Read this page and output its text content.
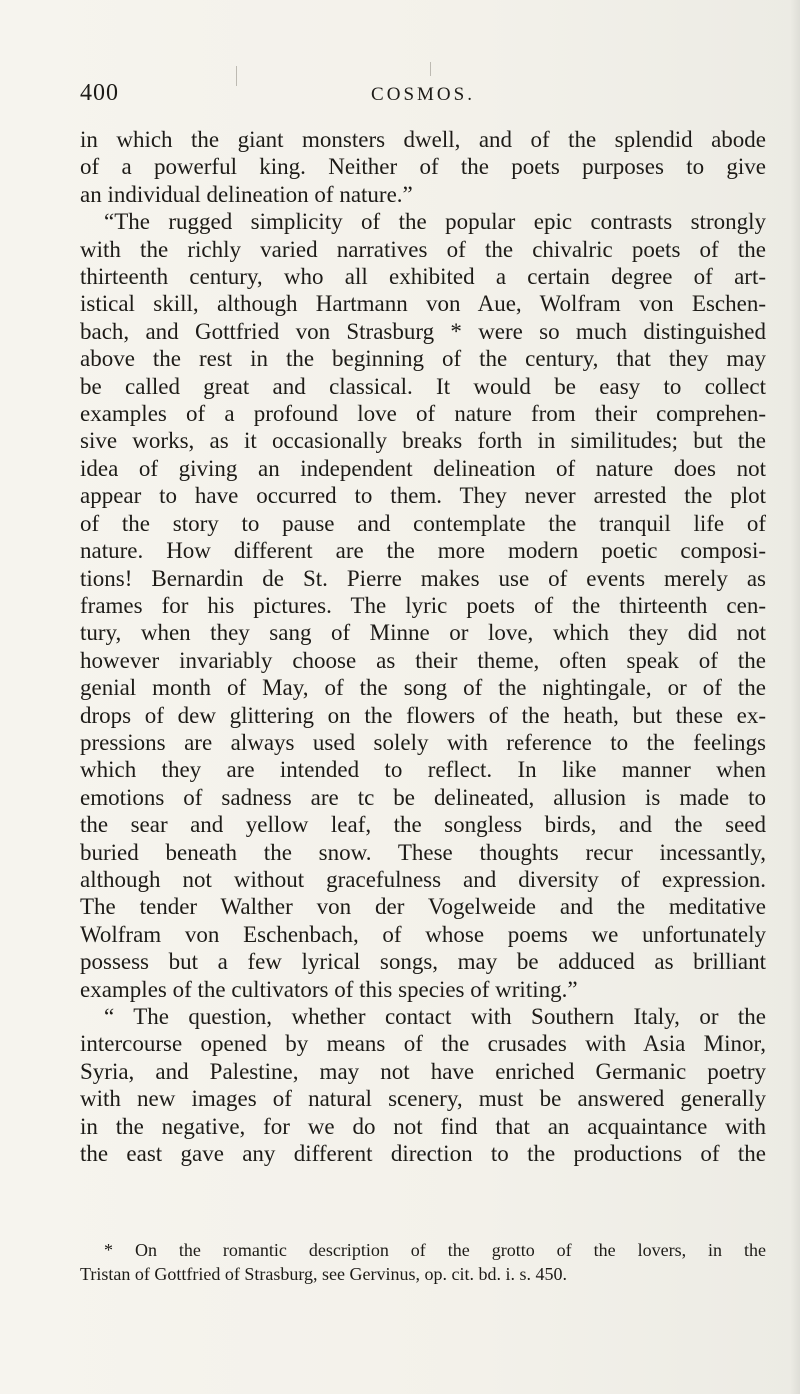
400	COSMOS.
in which the giant monsters dwell, and of the splendid abode
of a powerful king. Neither of the poets purposes to give
an individual delineation of nature.”
“The rugged simplicity of the popular epic contrasts strongly
with the richly varied narratives of the chivalric poets of the
thirteenth century, who all exhibited a certain degree of art-
istical skill, although Hartmann von Aue, Wolfram von Eschen-
bach, and Gottfried von Strasburg * were so much distinguished
above the rest in the beginning of the century, that they may
be called great and classical. It would be easy to collect
examples of a profound love of nature from their comprehen-
sive works, as it occasionally breaks forth in similitudes; but the
idea of giving an independent delineation of nature does not
appear to have occurred to them. They never arrested the plot
of the story to pause and contemplate the tranquil life of
nature. How different are the more modern poetic composi-
tions! Bernardin de St. Pierre makes use of events merely as
frames for his pictures. The lyric poets of the thirteenth cen-
tury, when they sang of Minne or love, which they did not
however invariably choose as their theme, often speak of the
genial month of May, of the song of the nightingale, or of the
drops of dew glittering on the flowers of the heath, but these ex-
pressions are always used solely with reference to the feelings
which they are intended to reflect. In like manner when
emotions of sadness are tc be delineated, allusion is made to
the sear and yellow leaf, the songless birds, and the seed
buried beneath the snow. These thoughts recur incessantly,
although not without gracefulness and diversity of expression.
The tender Walther von der Vogelweide and the meditative
Wolfram von Eschenbach, of whose poems we unfortunately
possess but a few lyrical songs, may be adduced as brilliant
examples of the cultivators of this species of writing.”
“ The question, whether contact with Southern Italy, or the
intercourse opened by means of the crusades with Asia Minor,
Syria, and Palestine, may not have enriched Germanic poetry
with new images of natural scenery, must be answered generally
in the negative, for we do not find that an acquaintance with
the east gave any different direction to the productions of the
* On the romantic description of the grotto of the lovers, in the
Tristan of Gottfried of Strasburg, see Gervinus, op. cit. bd. i. s. 450.
